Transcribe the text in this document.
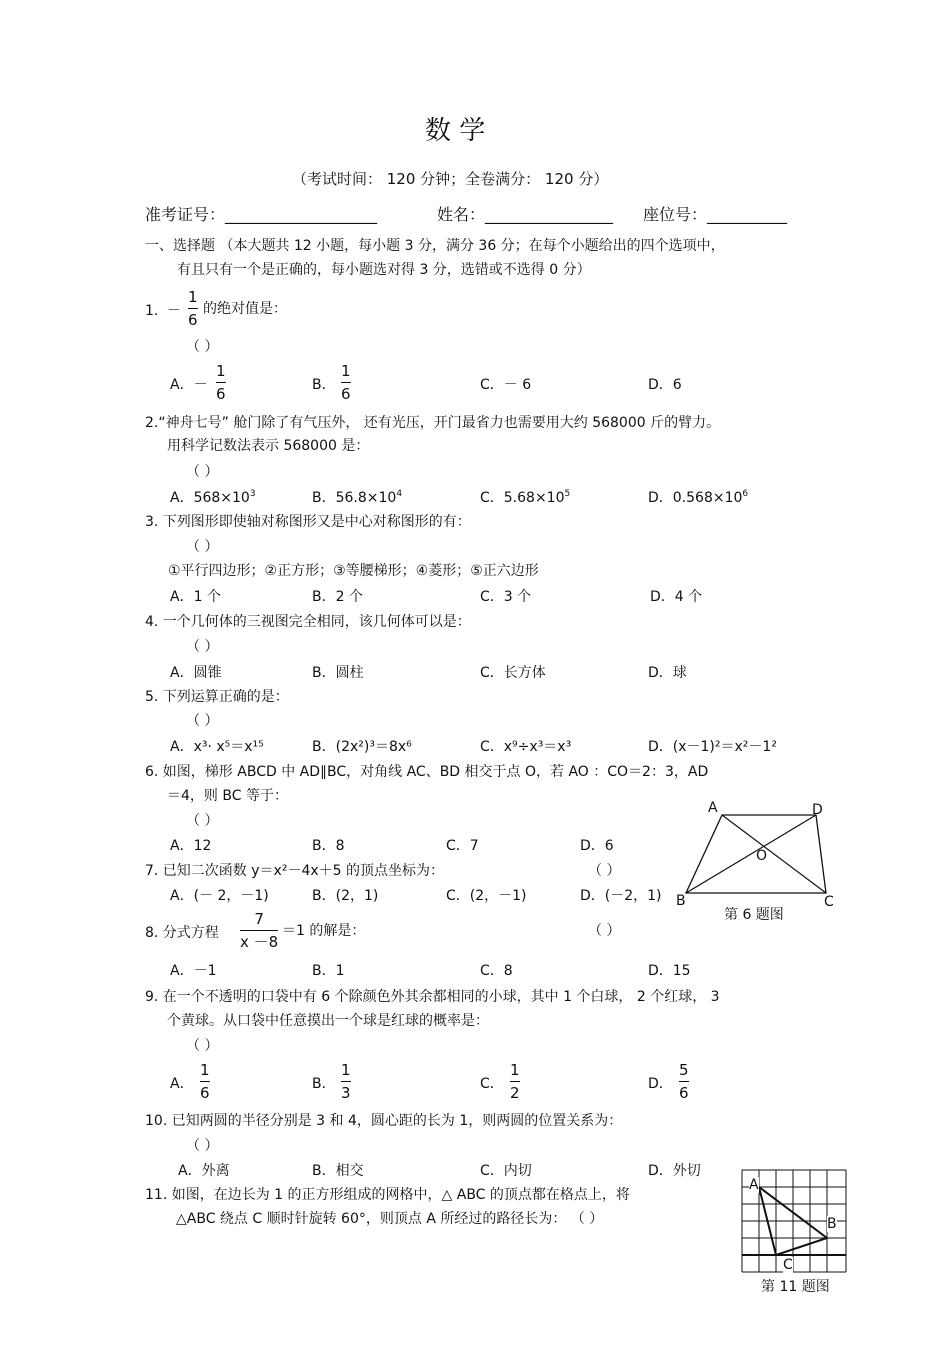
数 学
（考试时间： 120 分钟；全卷满分： 120 分）
准考证号：___________________	姓名：________________ 座位号：__________
一、选择题 （本大题共 12 小题，每小题 3 分，满分 36 分；在每个小题给出的四个选项中，
有且只有一个是正确的，每小题选对得 3 分，选错或不选得 0 分）
1. －
1
6
的绝对值是：
（ ）
A．－
1
6	B．
1
6	C．－ 6	D．6
2.“神舟七号” 舱门除了有气压外， 还有光压，开门最省力也需要用大约 568000 斤的臂力。
用科学记数法表示 568000 是：
（ ）
A．$568\times 10^3$	B．$56.8\times 10^4$	C．$5.68\times 10^5$	D．$0.568\times 10^6$
3. 下列图形即使轴对称图形又是中心对称图形的有：
（ ）
①平行四边形；②正方形；③等腰梯形；④菱形；⑤正六边形
A．1 个	B．2 个	C．3 个	D．4 个
4. 一个几何体的三视图完全相同，该几何体可以是：
（ ）
A．圆锥	B．圆柱	C．长方体	D．球
5. 下列运算正确的是：
（ ）
A．x³· x⁵＝x¹⁵	B．(2x²)³＝8x⁶	C．x⁹÷x³＝x³	D．(x－1)²＝x²－1²
6. 如图，梯形 ABCD 中 AD∥BC，对角线 AC、BD 相交于点 O，若 AO ：CO＝2：3，AD
＝4，则 BC 等于：
（ ）
A．12	B．8	C．7	D．6
A	D
O
B	C
第 6 题图
7. 已知二次函数 y＝x²－4x＋5 的顶点坐标为：	（ ）
A．(－ 2，－1)	B．(2，1)	C．(2，－1)	D．(－2，1)
8. 分式方程
7
x －8
＝1 的解是：	（ ）
A．－1	B．1	C．8	D．15
9. 在一个不透明的口袋中有 6 个除颜色外其余都相同的小球，其中 1 个白球， 2 个红球， 3
个黄球。从口袋中任意摸出一个球是红球的概率是：
（ ）
A．
1
6	B．
1
3	C．
1
2	D．
5
6
10. 已知两圆的半径分别是 3 和 4，圆心距的长为 1，则两圆的位置关系为：
（ ）
A．外离	B．相交	C．内切	D．外切
11. 如图，在边长为 1 的正方形组成的网格中，△ ABC 的顶点都在格点上，将
△ABC 绕点 C 顺时针旋转 60°，则顶点 A 所经过的路径长为： （ ）
A
B
C
第 11 题图
